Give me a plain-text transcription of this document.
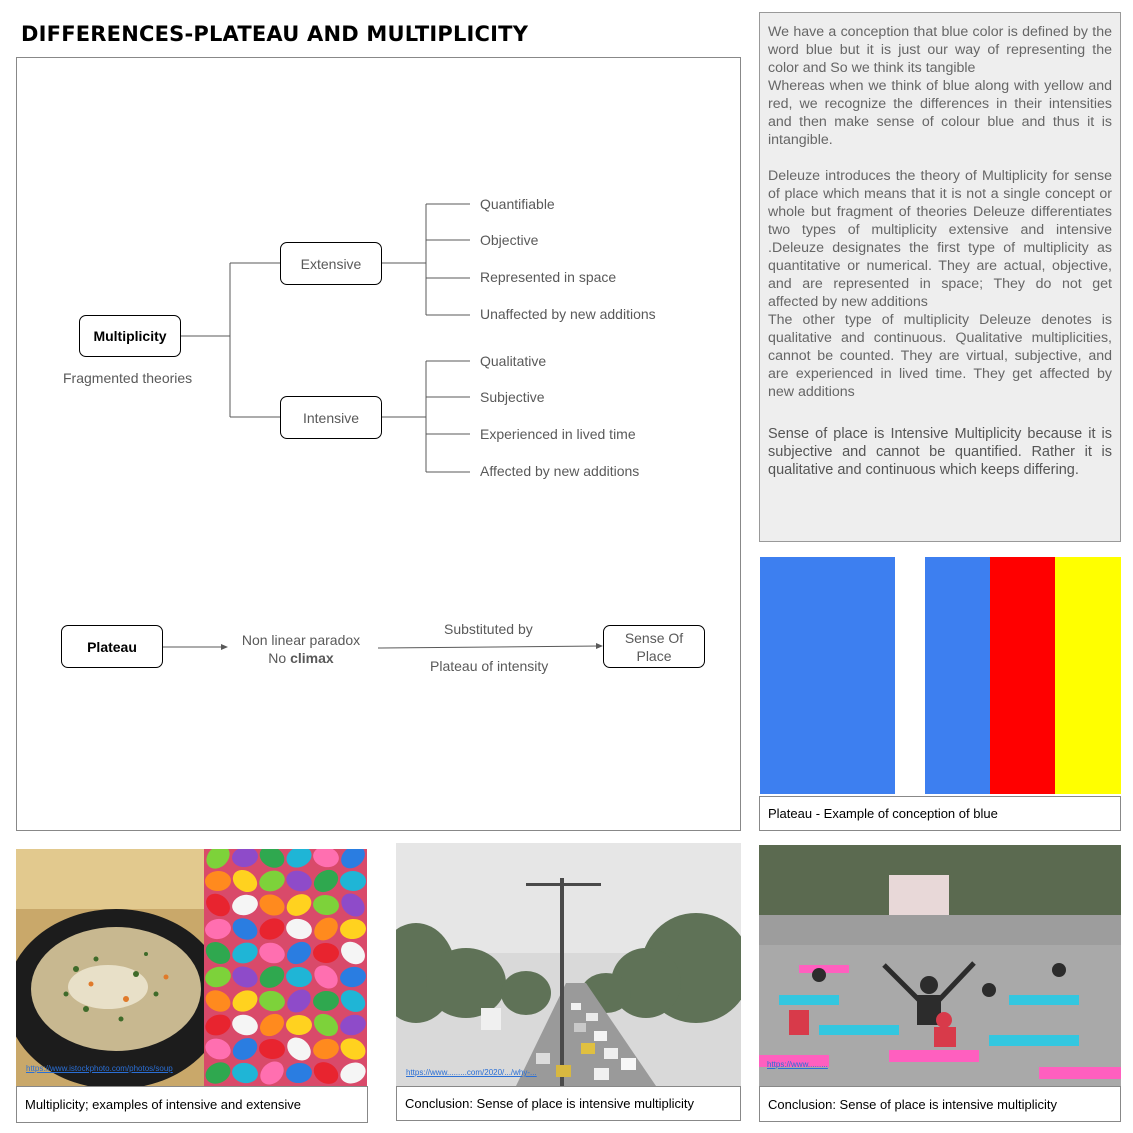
DIFFERENCES-PLATEAU AND MULTIPLICITY
Multiplicity
Fragmented theories
Extensive
Intensive
Quantifiable
Objective
Represented in space
Unaffected by new additions
Qualitative
Subjective
Experienced in lived time
Affected by new additions
Plateau	Non linear paradox
No climax
Substituted by
Plateau of intensity
Sense Of
Place

We have a conception that blue color is defined by the word blue but it is just our way of representing the color and So we think its tangible

Whereas when we think of blue along with yellow and red, we recognize the differences in their intensities and then make sense of colour blue and thus it is intangible.

Deleuze introduces the theory of Multiplicity for sense of place which means that it is not a single concept or whole but fragment of theories Deleuze differentiates two types of multiplicity extensive and intensive .Deleuze designates the first type of multiplicity as quantitative or numerical. They are actual, objective, and are represented in space; They do not get affected by new additions

The other type of multiplicity Deleuze denotes is qualitative and continuous. Qualitative multiplicities, cannot be counted. They are virtual, subjective, and are experienced in lived time. They get affected by new additions

Sense of place is Intensive Multiplicity because it is subjective and cannot be quantified. Rather it is qualitative and continuous which keeps differing.

Plateau - Example of conception of blue
https://www.istockphoto.com/photos/soup
Multiplicity; examples of intensive and extensive
https://www.........com/2020/.../why-...
Conclusion: Sense of place is intensive multiplicity
https://www.........
Conclusion: Sense of place is intensive multiplicity
